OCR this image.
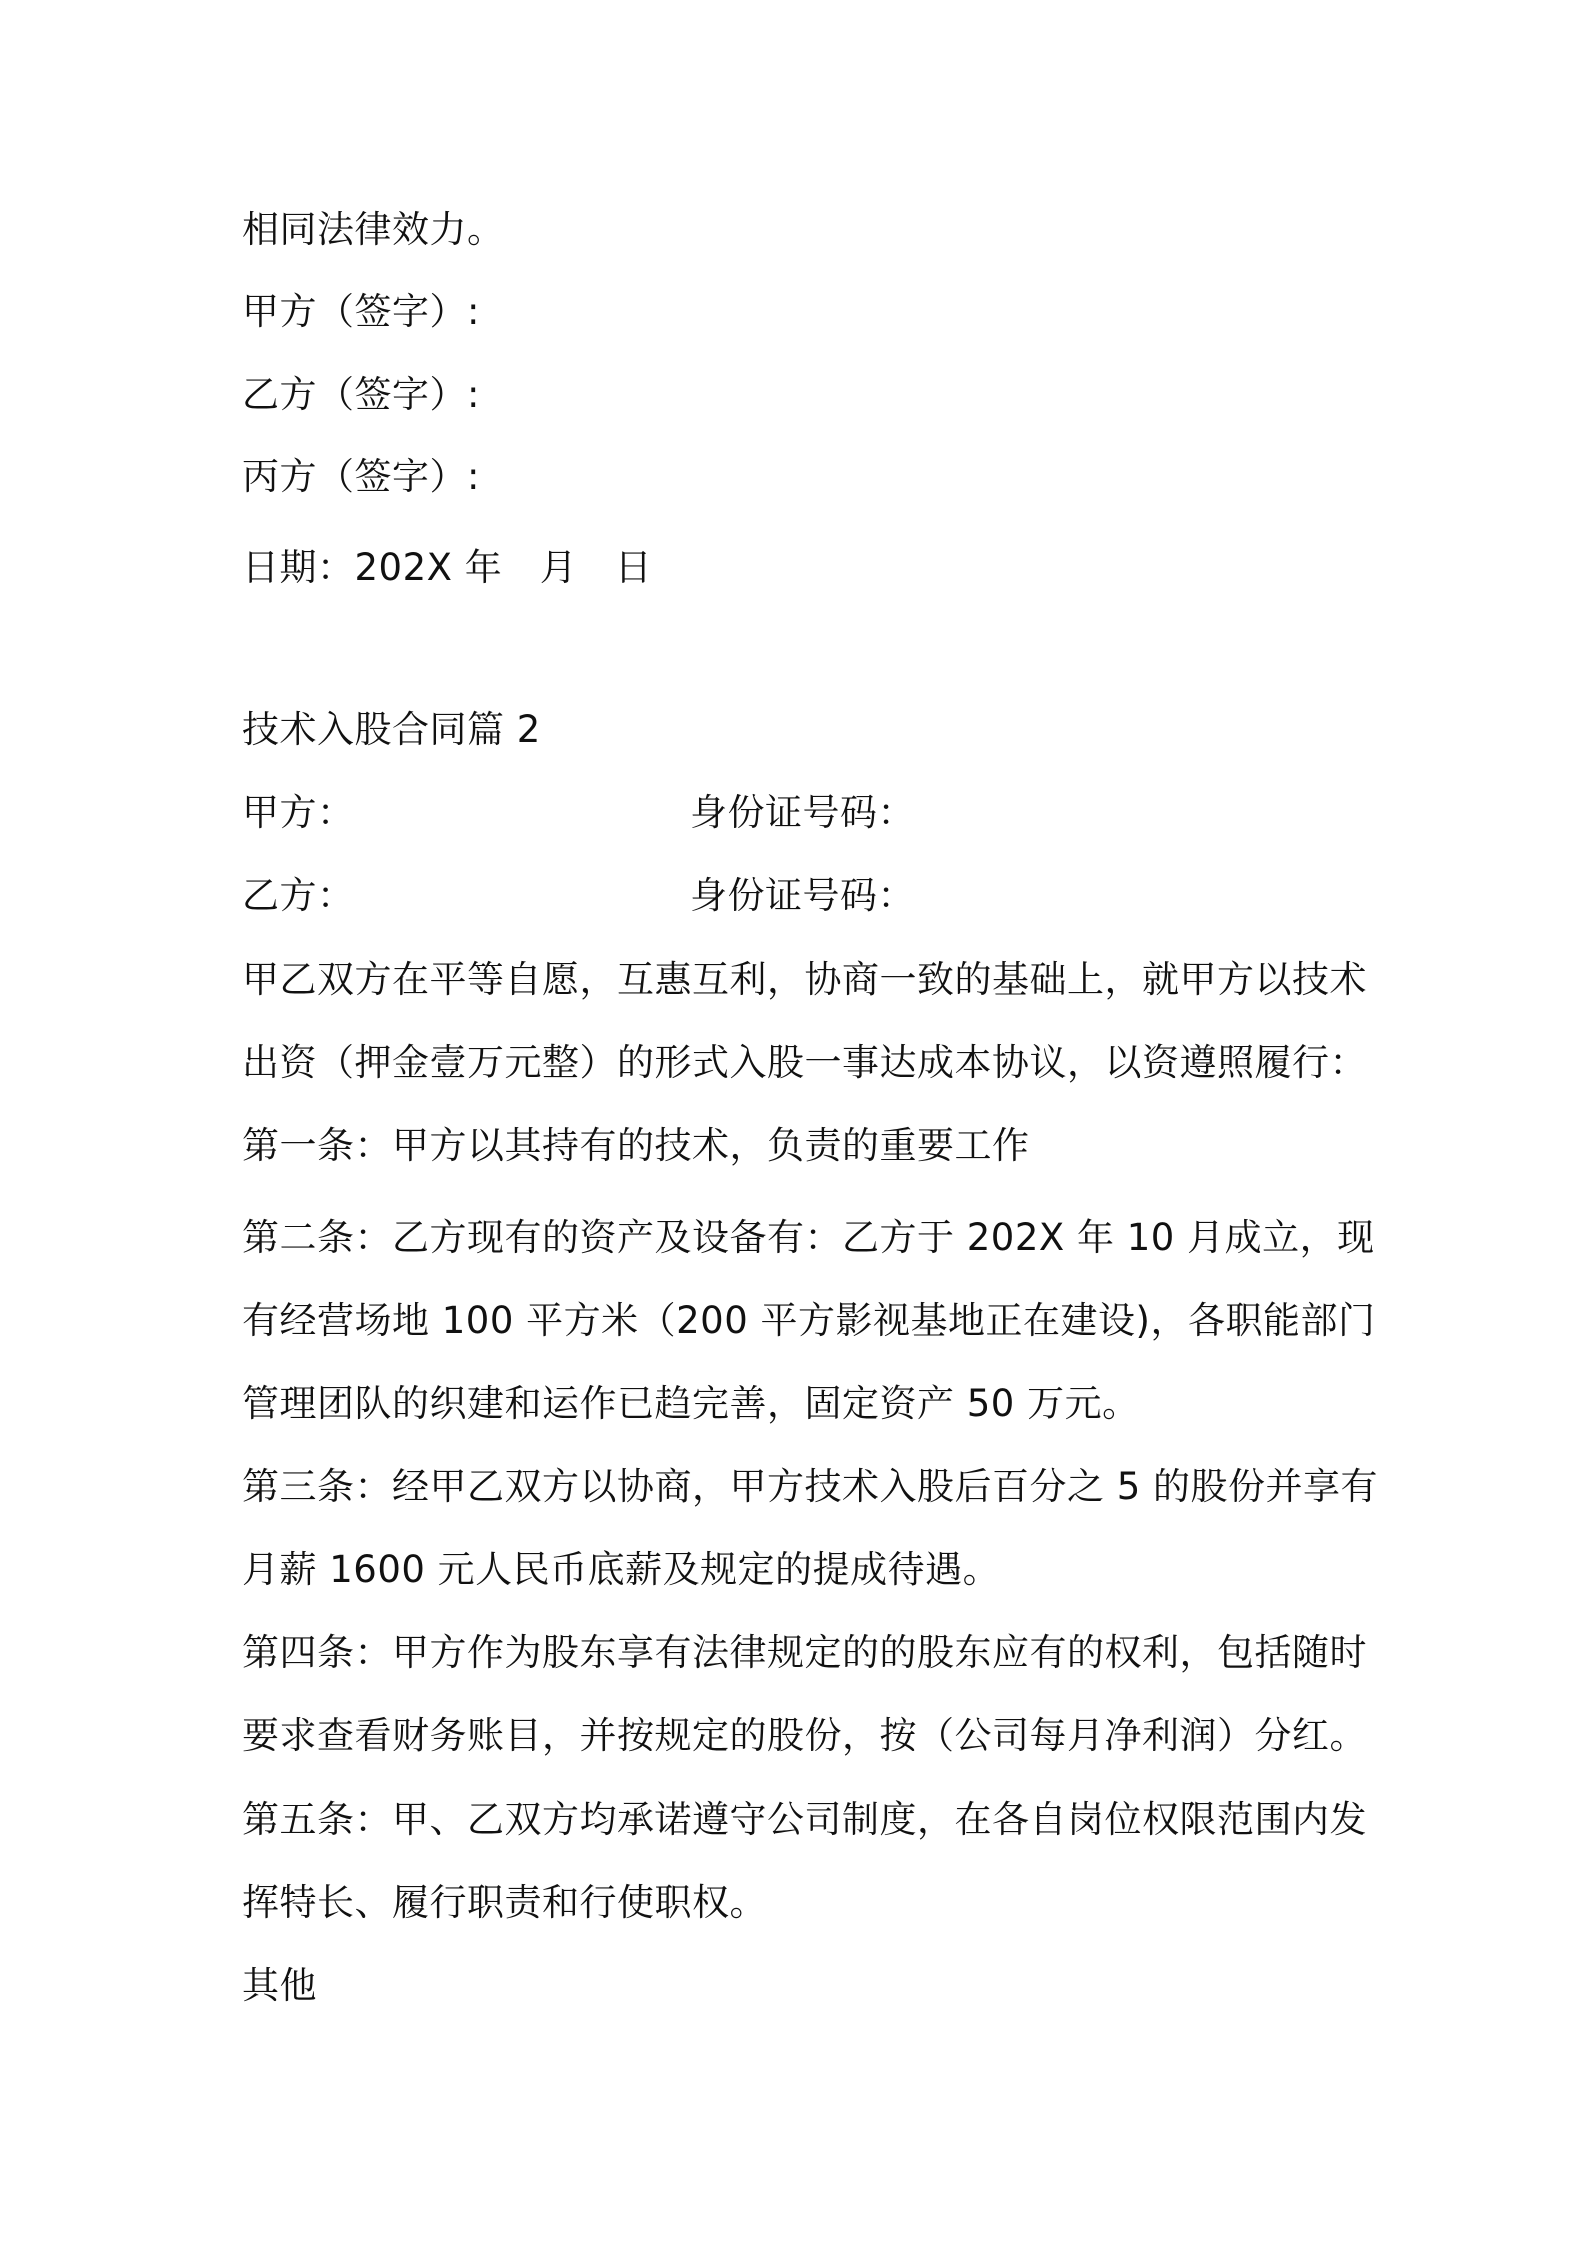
相同法律效力。
甲方（签字）:
乙方（签字）:
丙方（签字）:
日期：202X 年　月　日
技术入股合同篇 2
甲方：	身份证号码：
乙方：	身份证号码：
甲乙双方在平等自愿，互惠互利，协商一致的基础上，就甲方以技术
出资（押金壹万元整）的形式入股一事达成本协议，以资遵照履行：
第一条：甲方以其持有的技术，负责的重要工作
第二条：乙方现有的资产及设备有：乙方于 202X 年 10 月成立，现
有经营场地 100 平方米（200 平方影视基地正在建设)，各职能部门
管理团队的织建和运作已趋完善，固定资产 50 万元。
第三条：经甲乙双方以协商，甲方技术入股后百分之 5 的股份并享有
月薪 1600 元人民币底薪及规定的提成待遇。
第四条：甲方作为股东享有法律规定的的股东应有的权利，包括随时
要求查看财务账目，并按规定的股份，按（公司每月净利润）分红。
第五条：甲、乙双方均承诺遵守公司制度，在各自岗位权限范围内发
挥特长、履行职责和行使职权。
其他
